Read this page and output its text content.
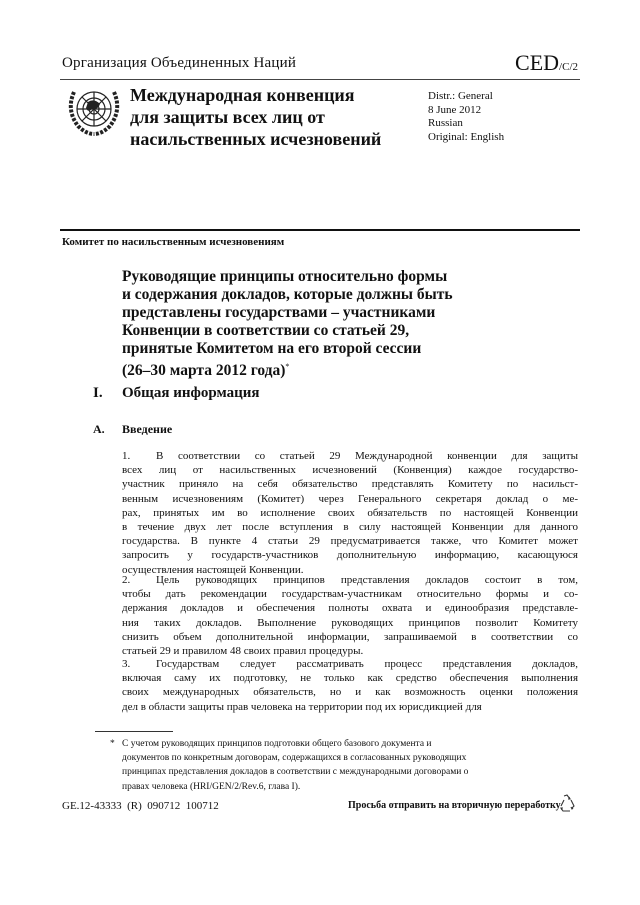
Организация Объединенных Наций	CED/C/2
Международная конвенция
для защиты всех лиц от
насильственных исчезновений
Distr.: General
8 June 2012
Russian
Original: English
Комитет по насильственным исчезновениям
Руководящие принципы относительно формы
и содержания докладов, которые должны быть
представлены государствами – участниками
Конвенции в соответствии со статьей 29,
принятые Комитетом на его второй сессии
(26–30 марта 2012 года)*
I. Общая информация
A. Введение
1.	В соответствии со статьей 29 Международной конвенции для защиты
всех лиц от насильственных исчезновений (Конвенция) каждое государство-
участник приняло на себя обязательство представлять Комитету по насильст-
венным исчезновениям (Комитет) через Генерального секретаря доклад о ме-
рах, принятых им во исполнение своих обязательств по настоящей Конвенции
в течение двух лет после вступления в силу настоящей Конвенции для данного
государства. В пункте 4 статьи 29 предусматривается также, что Комитет может
запросить у государств-участников дополнительную информацию, касающуюся
осуществления настоящей Конвенции.
2.	Цель руководящих принципов представления докладов состоит в том,
чтобы дать рекомендации государствам-участникам относительно формы и со-
держания докладов и обеспечения полноты охвата и единообразия представле-
ния таких докладов. Выполнение руководящих принципов позволит Комитету
снизить объем дополнительной информации, запрашиваемой в соответствии со
статьей 29 и правилом 48 своих правил процедуры.
3.	Государствам следует рассматривать процесс представления докладов,
включая саму их подготовку, не только как средство обеспечения выполнения
своих международных обязательств, но и как возможность оценки положения
дел в области защиты прав человека на территории под их юрисдикцией для
* С учетом руководящих принципов подготовки общего базового документа и
документов по конкретным договорам, содержащихся в согласованных руководящих
принципах представления докладов в соответствии с международными договорами о
правах человека (HRI/GEN/2/Rev.6, глава I).
GE.12-43333  (R)  090712  100712	Просьба отправить на вторичную переработку
